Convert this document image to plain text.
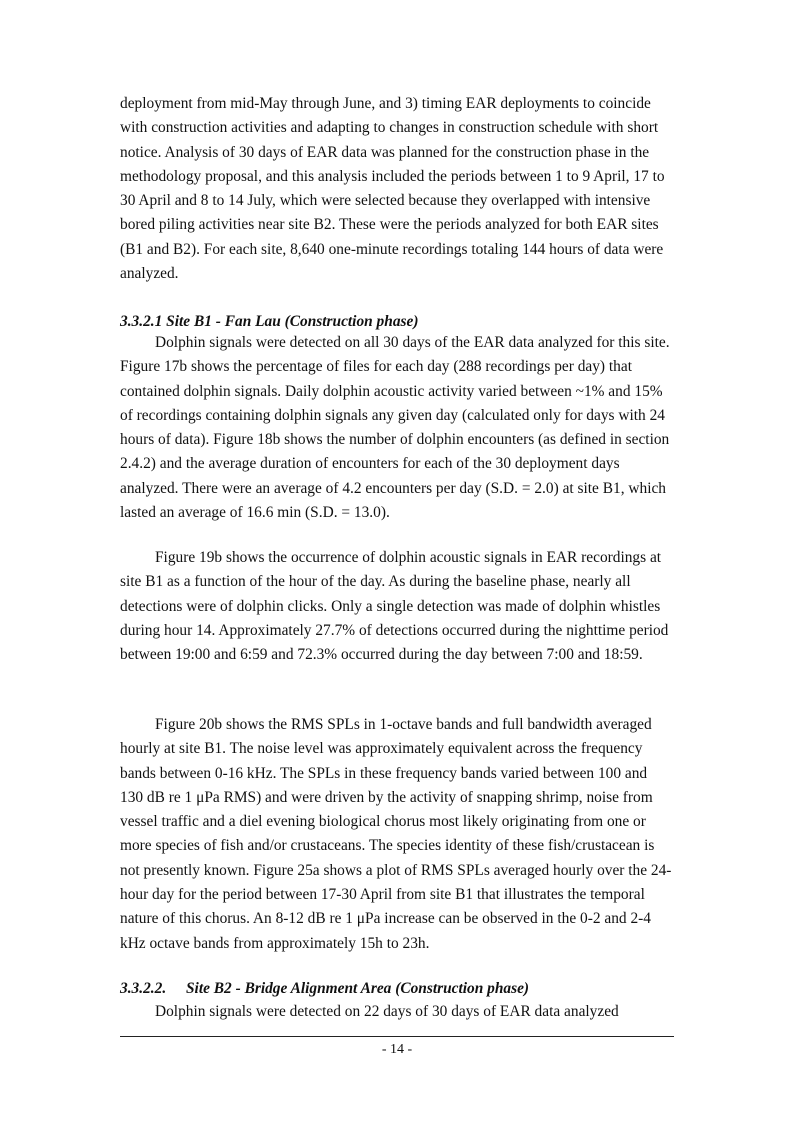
deployment from mid-May through June, and 3) timing EAR deployments to coincide with construction activities and adapting to changes in construction schedule with short notice. Analysis of 30 days of EAR data was planned for the construction phase in the methodology proposal, and this analysis included the periods between 1 to 9 April, 17 to 30 April and 8 to 14 July, which were selected because they overlapped with intensive bored piling activities near site B2. These were the periods analyzed for both EAR sites (B1 and B2). For each site, 8,640 one-minute recordings totaling 144 hours of data were analyzed.

3.3.2.1 Site B1 - Fan Lau (Construction phase)

Dolphin signals were detected on all 30 days of the EAR data analyzed for this site. Figure 17b shows the percentage of files for each day (288 recordings per day) that contained dolphin signals. Daily dolphin acoustic activity varied between ~1% and 15% of recordings containing dolphin signals any given day (calculated only for days with 24 hours of data). Figure 18b shows the number of dolphin encounters (as defined in section 2.4.2) and the average duration of encounters for each of the 30 deployment days analyzed. There were an average of 4.2 encounters per day (S.D. = 2.0) at site B1, which lasted an average of 16.6 min (S.D. = 13.0).

Figure 19b shows the occurrence of dolphin acoustic signals in EAR recordings at site B1 as a function of the hour of the day. As during the baseline phase, nearly all detections were of dolphin clicks. Only a single detection was made of dolphin whistles during hour 14. Approximately 27.7% of detections occurred during the nighttime period between 19:00 and 6:59 and 72.3% occurred during the day between 7:00 and 18:59.

Figure 20b shows the RMS SPLs in 1-octave bands and full bandwidth averaged hourly at site B1. The noise level was approximately equivalent across the frequency bands between 0-16 kHz. The SPLs in these frequency bands varied between 100 and 130 dB re 1 μPa RMS) and were driven by the activity of snapping shrimp, noise from vessel traffic and a diel evening biological chorus most likely originating from one or more species of fish and/or crustaceans. The species identity of these fish/crustacean is not presently known. Figure 25a shows a plot of RMS SPLs averaged hourly over the 24-hour day for the period between 17-30 April from site B1 that illustrates the temporal nature of this chorus. An 8-12 dB re 1 μPa increase can be observed in the 0-2 and 2-4 kHz octave bands from approximately 15h to 23h.

3.3.2.2. Site B2 - Bridge Alignment Area (Construction phase)

Dolphin signals were detected on 22 days of 30 days of EAR data analyzed

- 14 -
